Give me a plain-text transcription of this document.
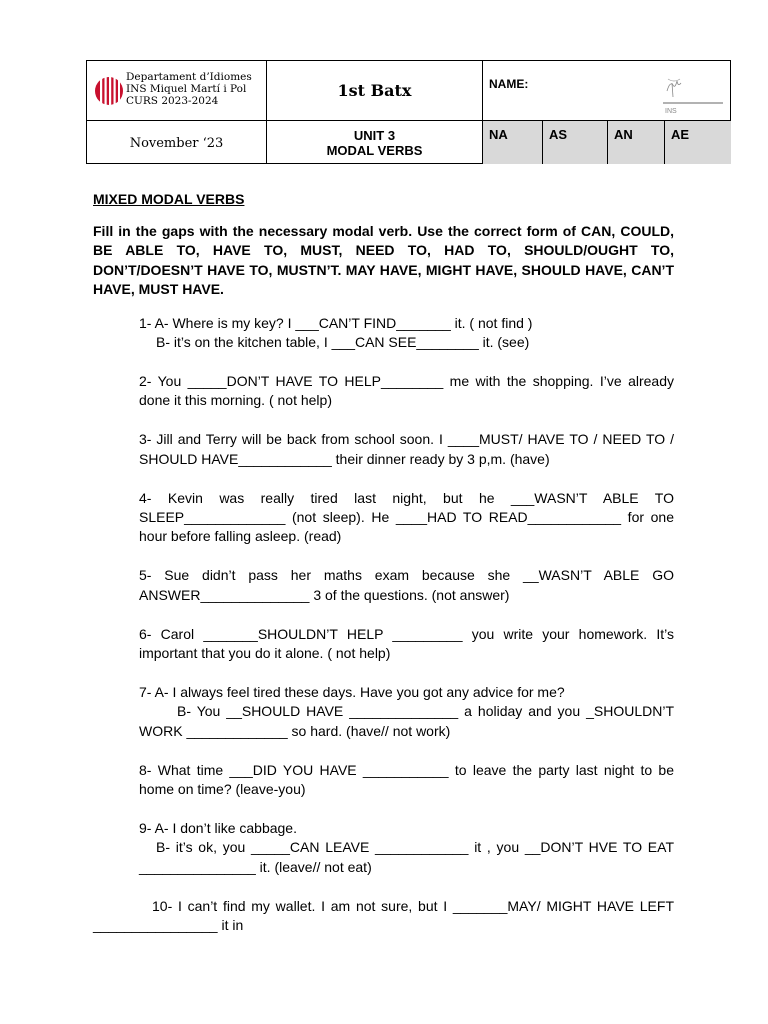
Departament d’Idiomes
INS Miquel Martí i Pol
CURS 2023-2024
1st Batx	NAME:
INS
November ‘23	UNIT 3
MODAL VERBS
NA	AS	AN	AE

MIXED MODAL VERBS

Fill in the gaps with the necessary modal verb. Use the correct form of CAN, COULD, BE ABLE TO, HAVE TO, MUST, NEED TO, HAD TO, SHOULD/OUGHT TO, DON’T/DOESN’T HAVE TO, MUSTN’T. MAY HAVE, MIGHT HAVE, SHOULD HAVE, CAN’T HAVE, MUST HAVE.

1- A- Where is my key? I ___CAN’T FIND_______ it. ( not find )
B- it’s on the kitchen table, I ___CAN SEE________ it. (see)
2- You _____DON’T HAVE TO HELP________ me with the shopping. I’ve already done it this morning. ( not help)
3- Jill and Terry will be back from school soon. I ____MUST/ HAVE TO / NEED TO / SHOULD HAVE____________ their dinner ready by 3 p,m. (have)
4- Kevin was really tired last night, but he ___WASN’T ABLE TO SLEEP_____________ (not sleep). He ____HAD TO READ____________ for one hour before falling asleep. (read)
5- Sue didn’t pass her maths exam because she __WASN’T ABLE GO ANSWER______________ 3 of the questions. (not answer)
6- Carol _______SHOULDN’T HELP _________ you write your homework. It’s important that you do it alone. ( not help)
7- A- I always feel tired these days. Have you got any advice for me?
B- You __SHOULD HAVE ______________ a holiday and you _SHOULDN’T WORK _____________ so hard. (have// not work)
8- What time ___DID YOU HAVE ___________ to leave the party last night to be home on time? (leave-you)
9- A- I don’t like cabbage.
B- it’s ok, you _____CAN LEAVE ____________ it , you __DON’T HVE TO EAT _______________ it. (leave// not eat)
10- I can’t find my wallet. I am not sure, but I _______MAY/ MIGHT HAVE LEFT ________________ it in
